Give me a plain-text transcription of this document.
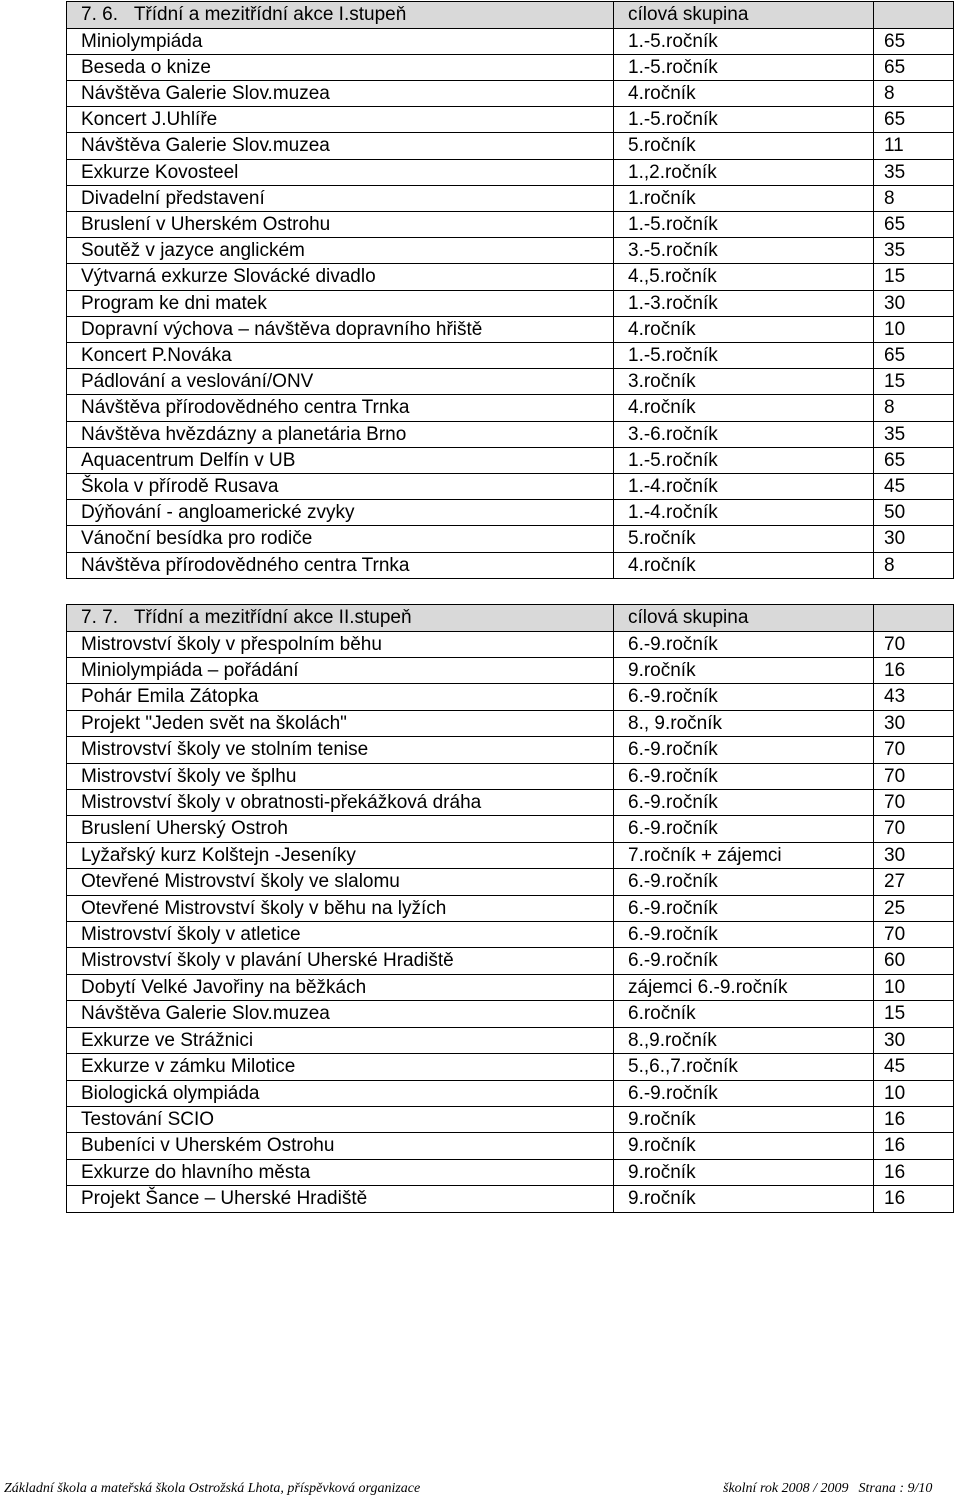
7. 6. Třídní a mezitřídní akce I.stupeň	cílová skupina	
Miniolympiáda	1.-5.ročník	65
Beseda o knize	1.-5.ročník	65
Návštěva Galerie Slov.muzea	4.ročník	8
Koncert J.Uhlíře	1.-5.ročník	65
Návštěva Galerie Slov.muzea	5.ročník	11
Exkurze Kovosteel	1.,2.ročník	35
Divadelní představení	1.ročník	8
Bruslení v Uherském Ostrohu	1.-5.ročník	65
Soutěž v jazyce anglickém	3.-5.ročník	35
Výtvarná exkurze Slovácké divadlo	4.,5.ročník	15
Program ke dni matek	1.-3.ročník	30
Dopravní výchova – návštěva dopravního hřiště	4.ročník	10
Koncert P.Nováka	1.-5.ročník	65
Pádlování a veslování/ONV	3.ročník	15
Návštěva přírodovědného centra Trnka	4.ročník	8
Návštěva hvězdázny a planetária Brno	3.-6.ročník	35
Aquacentrum Delfín v UB	1.-5.ročník	65
Škola v přírodě Rusava	1.-4.ročník	45
Dýňování - angloamerické zvyky	1.-4.ročník	50
Vánoční besídka pro rodiče	5.ročník	30
Návštěva přírodovědného centra Trnka	4.ročník	8
7. 7. Třídní a mezitřídní akce II.stupeň	cílová skupina	
Mistrovství školy v přespolním běhu	6.-9.ročník	70
Miniolympiáda – pořádání	9.ročník	16
Pohár Emila Zátopka	6.-9.ročník	43
Projekt "Jeden svět na školách"	8., 9.ročník	30
Mistrovství školy ve stolním tenise	6.-9.ročník	70
Mistrovství školy ve šplhu	6.-9.ročník	70
Mistrovství školy v obratnosti-překážková dráha	6.-9.ročník	70
Bruslení Uherský Ostroh	6.-9.ročník	70
Lyžařský kurz Kolštejn -Jeseníky	7.ročník + zájemci	30
Otevřené Mistrovství školy ve slalomu	6.-9.ročník	27
Otevřené Mistrovství školy v běhu na lyžích	6.-9.ročník	25
Mistrovství školy v atletice	6.-9.ročník	70
Mistrovství školy v plavání Uherské Hradiště	6.-9.ročník	60
Dobytí Velké Javořiny na běžkách	zájemci 6.-9.ročník	10
Návštěva Galerie Slov.muzea	6.ročník	15
Exkurze ve Strážnici	8.,9.ročník	30
Exkurze v zámku Milotice	5.,6.,7.ročník	45
Biologická olympiáda	6.-9.ročník	10
Testování SCIO	9.ročník	16
Bubeníci v Uherském Ostrohu	9.ročník	16
Exkurze do hlavního města	9.ročník	16
Projekt Šance – Uherské Hradiště	9.ročník	16
Základní škola a mateřská škola Ostrožská Lhota, příspěvková organizace	školní rok 2008 / 2009 Strana : 9/10
